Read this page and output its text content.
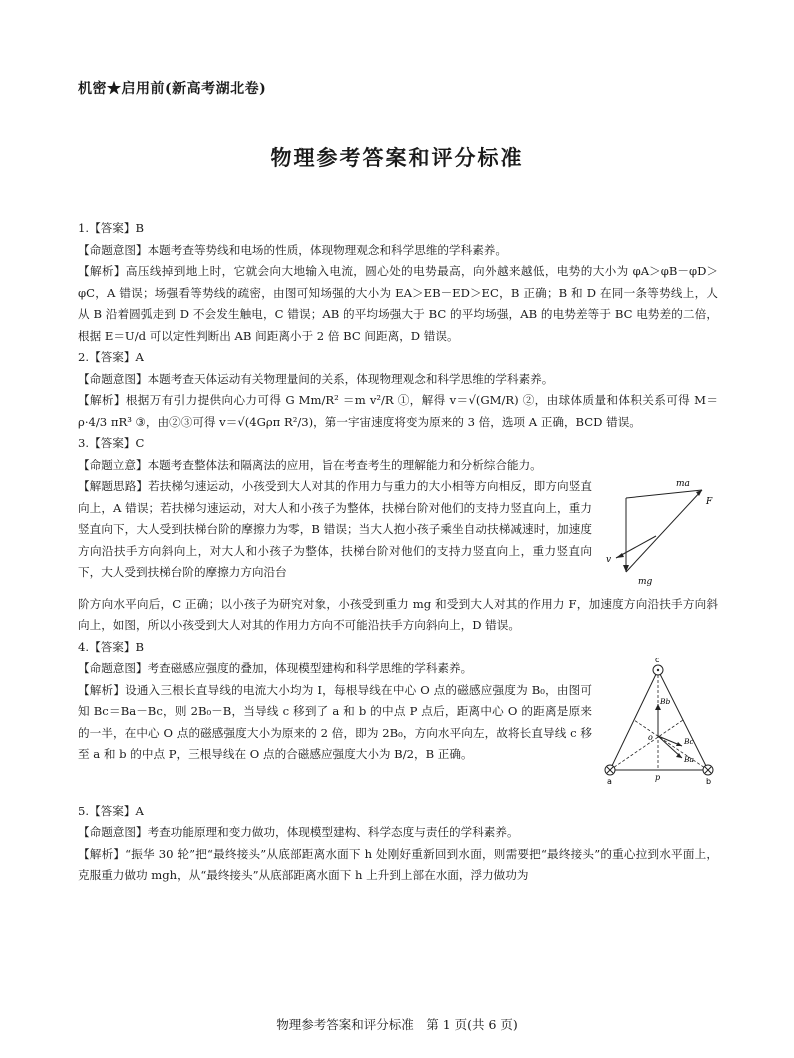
机密★启用前(新高考湖北卷)
物理参考答案和评分标准

1.【答案】B

【命题意图】本题考查等势线和电场的性质，体现物理观念和科学思维的学科素养。

【解析】高压线掉到地上时，它就会向大地输入电流，圆心处的电势最高，向外越来越低，电势的大小为 φA＞φB－φD＞φC，A 错误；场强看等势线的疏密，由图可知场强的大小为 EA＞EB－ED＞EC，B 正确；B 和 D 在同一条等势线上，人从 B 沿着圆弧走到 D 不会发生触电，C 错误；AB 的平均场强大于 BC 的平均场强，AB 的电势差等于 BC 电势差的二倍，根据 E＝U/d 可以定性判断出 AB 间距离小于 2 倍 BC 间距离，D 错误。

2.【答案】A

【命题意图】本题考查天体运动有关物理量间的关系，体现物理观念和科学思维的学科素养。

【解析】根据万有引力提供向心力可得 G Mm/R² ＝m v²/R ①，解得 v＝√(GM/R) ②，由球体质量和体积关系可得 M＝ρ·4/3 πR³ ③，由②③可得 v＝√(4Gρπ R²/3)，第一宇宙速度将变为原来的 3 倍，选项 A 正确，BCD 错误。

3.【答案】C

【命题立意】本题考查整体法和隔离法的应用，旨在考查考生的理解能力和分析综合能力。

【解题思路】若扶梯匀速运动，小孩受到大人对其的作用力与重力的大小相等方向相反，即方向竖直向上，A 错误；若扶梯匀速运动，对大人和小孩子为整体，扶梯台阶对他们的支持力竖直向上，重力竖直向下，大人受到扶梯台阶的摩擦力为零，B 错误；当大人抱小孩子乘坐自动扶梯减速时，加速度方向沿扶手方向斜向上，对大人和小孩子为整体，扶梯台阶对他们的支持力竖直向上，重力竖直向下，大人受到扶梯台阶的摩擦力方向沿台

ma
F
v
mg

阶方向水平向后，C 正确；以小孩子为研究对象，小孩受到重力 mg 和受到大人对其的作用力 F，加速度方向沿扶手方向斜向上，如图，所以小孩受到大人对其的作用力方向不可能沿扶手方向斜向上，D 错误。

4.【答案】B

【命题意图】考查磁感应强度的叠加，体现模型建构和科学思维的学科素养。

【解析】设通入三根长直导线的电流大小均为 I，每根导线在中心 O 点的磁感应强度为 B₀，由图可知 Bc＝Ba－Bc，则 2B₀－B，当导线 c 移到了 a 和 b 的中点 P 点后，距离中心 O 的距离是原来的一半，在中心 O 点的磁感强度大小为原来的 2 倍，即为 2B₀，方向水平向左，故将长直导线 c 移至 a 和 b 的中点 P，三根导线在 O 点的合磁感应强度大小为 B/2，B 正确。

c
a	b
p
o
Bb
Bc
Ba

5.【答案】A

【命题意图】考查功能原理和变力做功，体现模型建构、科学态度与责任的学科素养。

【解析】“振华 30 轮”把“最终接头”从底部距离水面下 h 处刚好重新回到水面，则需要把“最终接头”的重心拉到水平面上，克服重力做功 mgh，从“最终接头”从底部距离水面下 h 上升到上部在水面，浮力做功为

物理参考答案和评分标准　第 1 页(共 6 页)
